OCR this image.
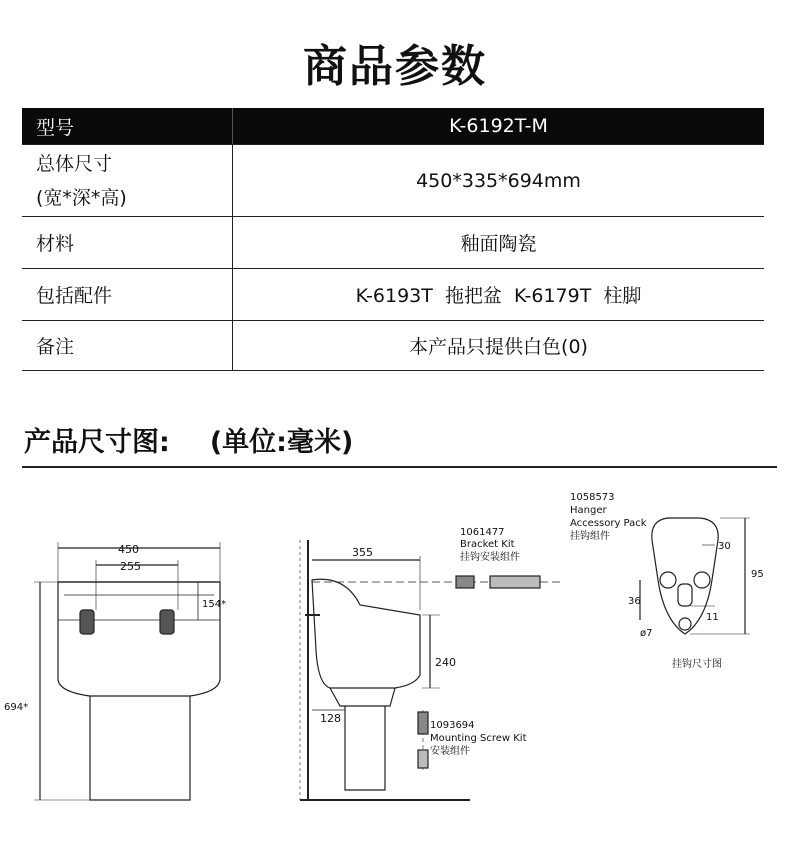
商品参数
型号	K-6192T-M

总体尺寸
(宽*深*高)	450*335*694mm
材料	釉面陶瓷
包括配件	K-6193T  拖把盆  K-6179T  柱脚
备注	本产品只提供白色(0)
产品尺寸图: (单位:毫米)
450
255
154*
694*
355
240
128
1061477
Bracket Kit
挂钩安装组件
1093694
Mounting Screw Kit
安装组件
1058573
Hanger
Accessory Pack
挂钩组件
30
95
36
11
ø7
挂钩尺寸图
